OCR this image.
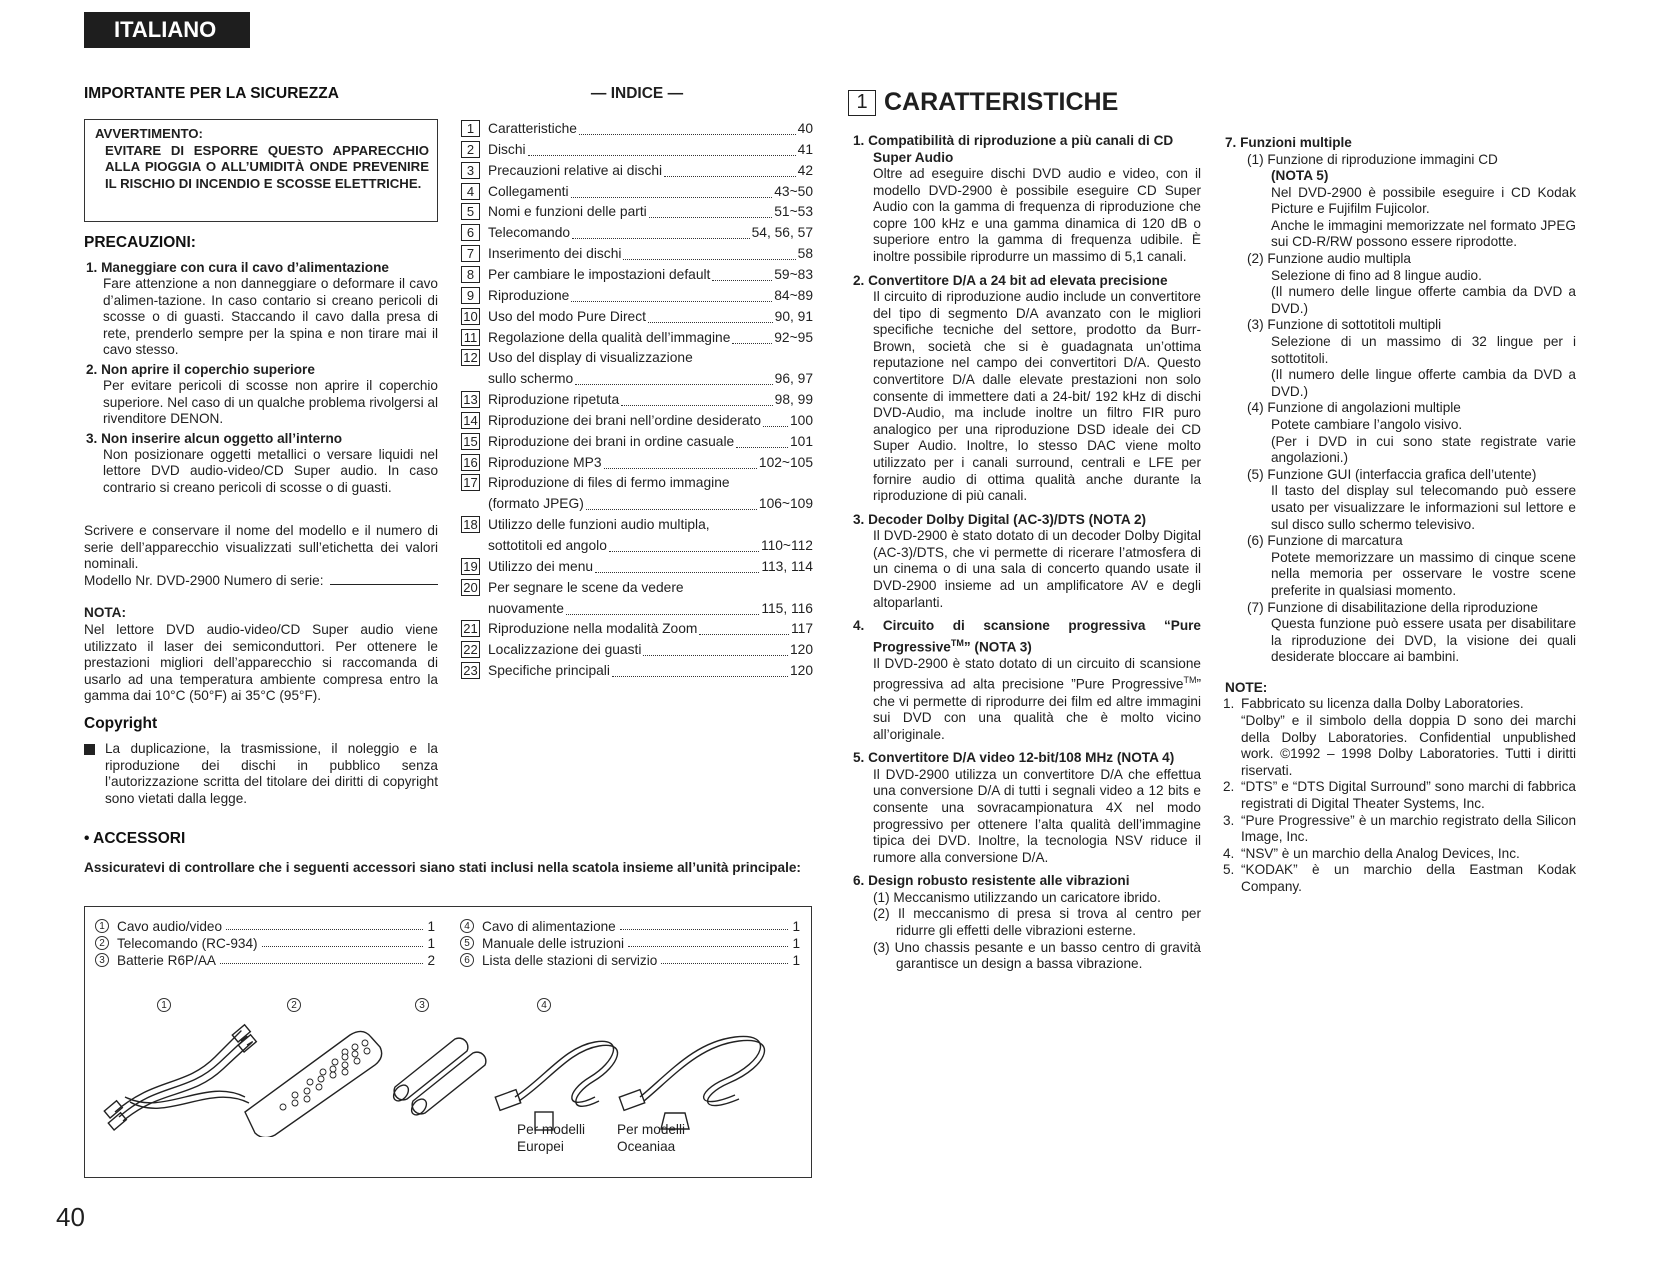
ITALIANO
IMPORTANTE PER LA SICUREZZA
AVVERTIMENTO:
EVITARE DI ESPORRE QUESTO APPARECCHIO ALLA PIOGGIA O ALL’UMIDITÀ ONDE PREVENIRE IL RISCHIO DI INCENDIO E SCOSSE ELETTRICHE.
PRECAUZIONI:
1. Maneggiare con cura il cavo d’alimentazione
Fare attenzione a non danneggiare o deformare il cavo d’alimen-tazione. In caso contario si creano pericoli di scosse o di guasti. Staccando il cavo dalla presa di rete, prenderlo sempre per la spina e non tirare mai il cavo stesso.
2. Non aprire il coperchio superiore
Per evitare pericoli di scosse non aprire il coperchio superiore. Nel caso di un qualche problema rivolgersi al rivenditore DENON.
3. Non inserire alcun oggetto all’interno
Non posizionare oggetti metallici o versare liquidi nel lettore DVD audio-video/CD Super audio. In caso contrario si creano pericoli di scosse o di guasti.
Scrivere e conservare il nome del modello e il numero di serie dell’apparecchio visualizzati sull’etichetta dei valori nominali.
Modello Nr. DVD-2900 Numero di serie:
NOTA:
Nel lettore DVD audio-video/CD Super audio viene utilizzato il laser dei semiconduttori. Per ottenere le prestazioni migliori dell’apparecchio si raccomanda di usarlo ad una temperatura ambiente compresa entro la gamma dai 10°C (50°F) ai 35°C (95°F).
Copyright
La duplicazione, la trasmissione, il noleggio e la riproduzione dei dischi in pubblico senza l’autorizzazione scritta del titolare dei diritti di copyright sono vietati dalla legge.
— INDICE —
1	Caratteristiche	40
2	Dischi	41
3	Precauzioni relative ai dischi	42
4	Collegamenti	43~50
5	Nomi e funzioni delle parti	51~53
6	Telecomando	54, 56, 57
7	Inserimento dei dischi	58
8	Per cambiare le impostazioni default	59~83
9	Riproduzione	84~89
10 Uso del modo Pure Direct	90, 91
11 Regolazione della qualità dell’immagine	92~95
12 Uso del display di visualizzazione
sullo schermo	96, 97
13 Riproduzione ripetuta	98, 99
14 Riproduzione dei brani nell’ordine desiderato 100
15 Riproduzione dei brani in ordine casuale	101
16 Riproduzione MP3	102~105
17 Riproduzione di files di fermo immagine
(formato JPEG)	106~109
18 Utilizzo delle funzioni audio multipla,
sottotitoli ed angolo	110~112
19 Utilizzo dei menu	113, 114
20 Per segnare le scene da vedere
nuovamente	115, 116
21 Riproduzione nella modalità Zoom	117
22 Localizzazione dei guasti	120
23 Specifiche principali	120
• ACCESSORI
Assicuratevi di controllare che i seguenti accessori siano stati inclusi nella scatola insieme all’unità principale:
1 Cavo audio/video	1
2 Telecomando (RC-934)	1
3 Batterie R6P/AA	2
4 Cavo di alimentazione	1
5 Manuale delle istruzioni	1
6 Lista delle stazioni di servizio	1
1	2	3	4
Per modelli
Europei
Per modelli
Oceaniaa
40
1 CARATTERISTICHE
1. Compatibilità di riproduzione a più canali di CD Super Audio
Oltre ad eseguire dischi DVD audio e video, con il modello DVD-2900 è possibile eseguire CD Super Audio con la gamma di frequenza di riproduzione che copre 100 kHz e una gamma dinamica di 120 dB o superiore entro la gamma di frequenza udibile. È inoltre possibile riprodurre un massimo di 5,1 canali.
2. Convertitore D/A a 24 bit ad elevata precisione
Il circuito di riproduzione audio include un convertitore del tipo di segmento D/A avanzato con le migliori specifiche tecniche del settore, prodotto da Burr-Brown, società che si è guadagnata un’ottima reputazione nel campo dei convertitori D/A. Questo convertitore D/A dalle elevate prestazioni non solo consente di immettere dati a 24-bit/ 192 kHz di dischi DVD-Audio, ma include inoltre un filtro FIR puro analogico per una riproduzione DSD ideale dei CD Super Audio. Inoltre, lo stesso DAC viene molto utilizzato per i canali surround, centrali e LFE per fornire audio di ottima qualità anche durante la riproduzione di più canali.
3. Decoder Dolby Digital (AC-3)/DTS (NOTA 2)
Il DVD-2900 è stato dotato di un decoder Dolby Digital (AC-3)/DTS, che vi permette di ricerare l’atmosfera di un cinema o di una sala di concerto quando usate il DVD-2900 insieme ad un amplificatore AV e degli altoparlanti.
4. Circuito di scansione progressiva “Pure Progressive™” (NOTA 3)
Il DVD-2900 è stato dotato di un circuito di scansione progressiva ad alta precisione ”Pure Progressive™” che vi permette di riprodurre dei film ed altre immagini sui DVD con una qualità che è molto vicino all’originale.
5. Convertitore D/A video 12-bit/108 MHz (NOTA 4)
Il DVD-2900 utilizza un convertitore D/A che effettua una conversione D/A di tutti i segnali video a 12 bits e consente una sovracampionatura 4X nel modo progressivo per ottenere l’alta qualità dell’immagine tipica dei DVD. Inoltre, la tecnologia NSV riduce il rumore alla conversione D/A.
6. Design robusto resistente alle vibrazioni
(1) Meccanismo utilizzando un caricatore ibrido.
(2) Il meccanismo di presa si trova al centro per ridurre gli effetti delle vibrazioni esterne.
(3) Uno chassis pesante e un basso centro di gravità garantisce un design a bassa vibrazione.
7. Funzioni multiple
(1) Funzione di riproduzione immagini CD
(NOTA 5)
Nel DVD-2900 è possibile eseguire i CD Kodak Picture e Fujifilm Fujicolor.
Anche le immagini memorizzate nel formato JPEG sui CD-R/RW possono essere riprodotte.
(2) Funzione audio multipla
Selezione di fino ad 8 lingue audio.
(Il numero delle lingue offerte cambia da DVD a DVD.)
(3) Funzione di sottotitoli multipli
Selezione di un massimo di 32 lingue per i sottotitoli.
(Il numero delle lingue offerte cambia da DVD a DVD.)
(4) Funzione di angolazioni multiple
Potete cambiare l’angolo visivo.
(Per i DVD in cui sono state registrate varie angolazioni.)
(5) Funzione GUI (interfaccia grafica dell’utente)
Il tasto del display sul telecomando può essere usato per visualizzare le informazioni sul lettore e sul disco sullo schermo televisivo.
(6) Funzione di marcatura
Potete memorizzare un massimo di cinque scene nella memoria per osservare le vostre scene preferite in qualsiasi momento.
(7) Funzione di disabilitazione della riproduzione
Questa funzione può essere usata per disabilitare la riproduzione dei DVD, la visione dei quali desiderate bloccare ai bambini.
NOTE:
1. Fabbricato su licenza dalla Dolby Laboratories.
“Dolby” e il simbolo della doppia D sono dei marchi della Dolby Laboratories. Confidential unpublished work. ©1992 – 1998 Dolby Laboratories. Tutti i diritti riservati.
2. “DTS” e “DTS Digital Surround” sono marchi di fabbrica registrati di Digital Theater Systems, Inc.
3. “Pure Progressive” è un marchio registrato della Silicon Image, Inc.
4. “NSV” è un marchio della Analog Devices, Inc.
5. “KODAK” è un marchio della Eastman Kodak Company.
